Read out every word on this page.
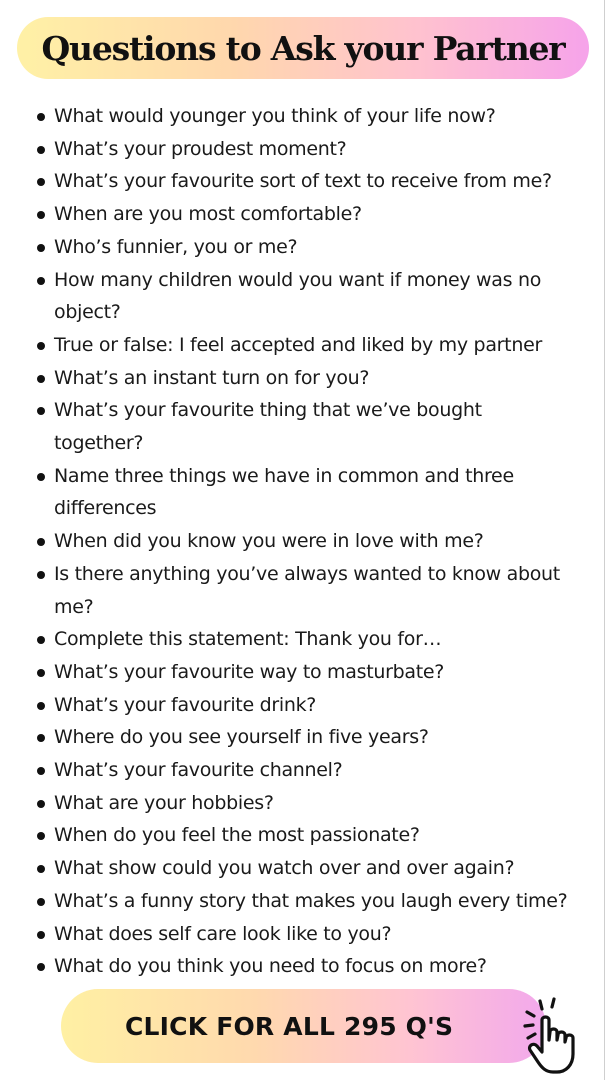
Questions to Ask your Partner
What would younger you think of your life now?
What’s your proudest moment?
What’s your favourite sort of text to receive from me?
When are you most comfortable?
Who’s funnier, you or me?
How many children would you want if money was no
object?
True or false: I feel accepted and liked by my partner
What’s an instant turn on for you?
What’s your favourite thing that we’ve bought
together?
Name three things we have in common and three
differences
When did you know you were in love with me?
Is there anything you’ve always wanted to know about
me?
Complete this statement: Thank you for…
What’s your favourite way to masturbate?
What’s your favourite drink?
Where do you see yourself in five years?
What’s your favourite channel?
What are your hobbies?
When do you feel the most passionate?
What show could you watch over and over again?
What’s a funny story that makes you laugh every time?
What does self care look like to you?
What do you think you need to focus on more?
CLICK FOR ALL 295 Q'S
